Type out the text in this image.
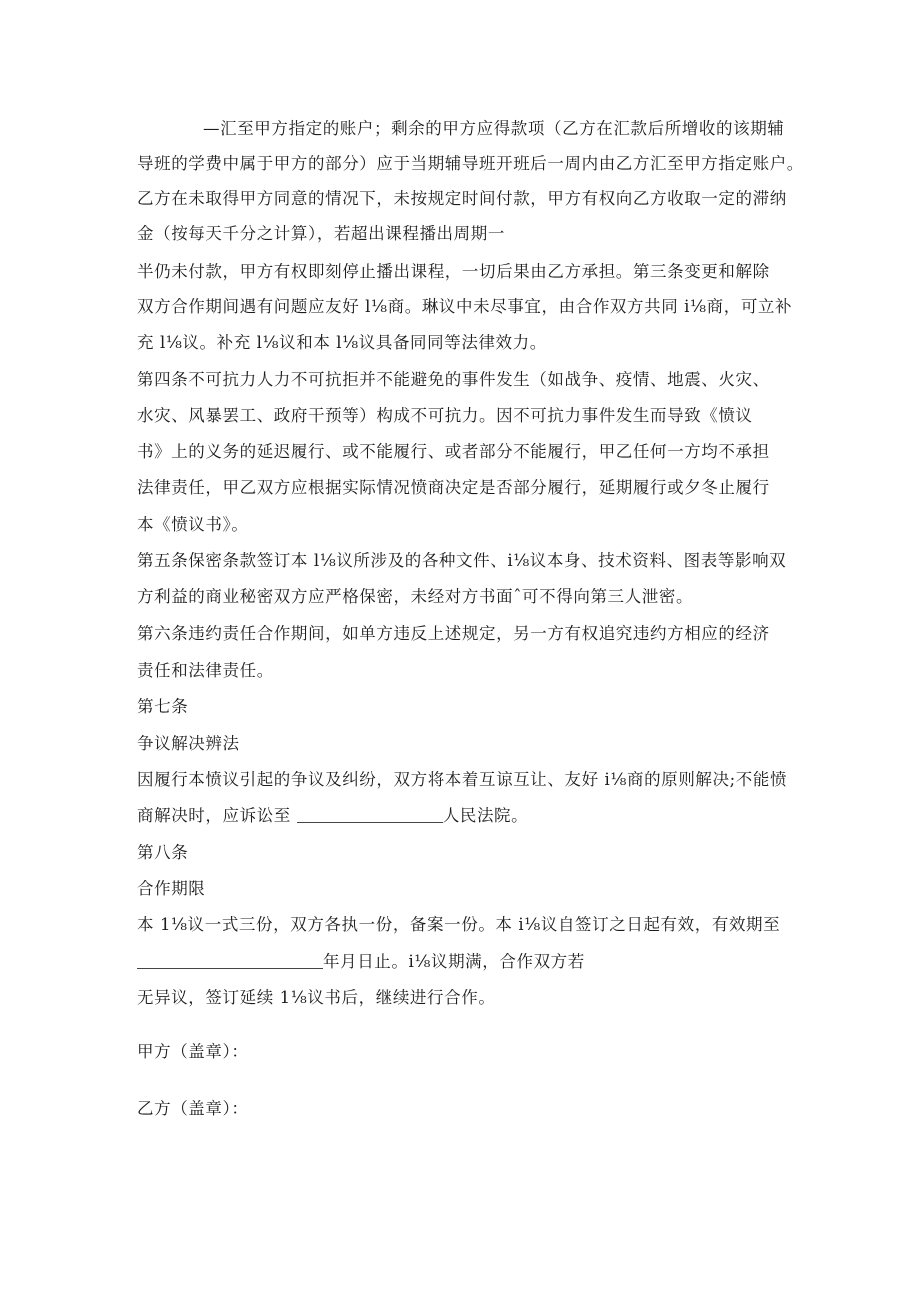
—汇至甲方指定的账户；剩余的甲方应得款项（乙方在汇款后所增收的该期辅
导班的学费中属于甲方的部分）应于当期辅导班开班后一周内由乙方汇至甲方指定账户。
乙方在未取得甲方同意的情况下，未按规定时间付款，甲方有权向乙方收取一定的滞纳
金（按每天千分之计算），若超出课程播出周期一
半仍未付款，甲方有权即刻停止播出课程，一切后果由乙方承担。第三条变更和解除
双方合作期间遇有问题应友好 l⅛商。琳议中未尽事宜，由合作双方共同 i⅛商，可立补
充 l⅛议。补充 l⅛议和本 l⅛议具备同同等法律效力。
第四条不可抗力人力不可抗拒并不能避免的事件发生（如战争、疫情、地震、火灾、
水灾、风暴罢工、政府干预等）构成不可抗力。因不可抗力事件发生而导致《愤议
书》上的义务的延迟履行、或不能履行、或者部分不能履行，甲乙任何一方均不承担
法律责任，甲乙双方应根据实际情况愤商决定是否部分履行，延期履行或夕冬止履行
本《愤议书》。
第五条保密条款签订本 l⅛议所涉及的各种文件、i⅛议本身、技术资料、图表等影响双
方利益的商业秘密双方应严格保密，未经对方书面ˆ可不得向第三人泄密。
第六条违约责任合作期间，如单方违反上述规定，另一方有权追究违约方相应的经济
责任和法律责任。
第七条
争议解决辨法
因履行本愤议引起的争议及纠纷，双方将本着互谅互让、友好 i⅛商的原则解决;不能愤
商解决时，应诉讼至	人民法院。
第八条
合作期限
本 1⅛议一式三份，双方各执一份，备案一份。本 i⅛议自签订之日起有效，有效期至
年月日止。i⅛议期满，合作双方若
无异议，签订延续 1⅛议书后，继续进行合作。
甲方（盖章）：
乙方（盖章）：
